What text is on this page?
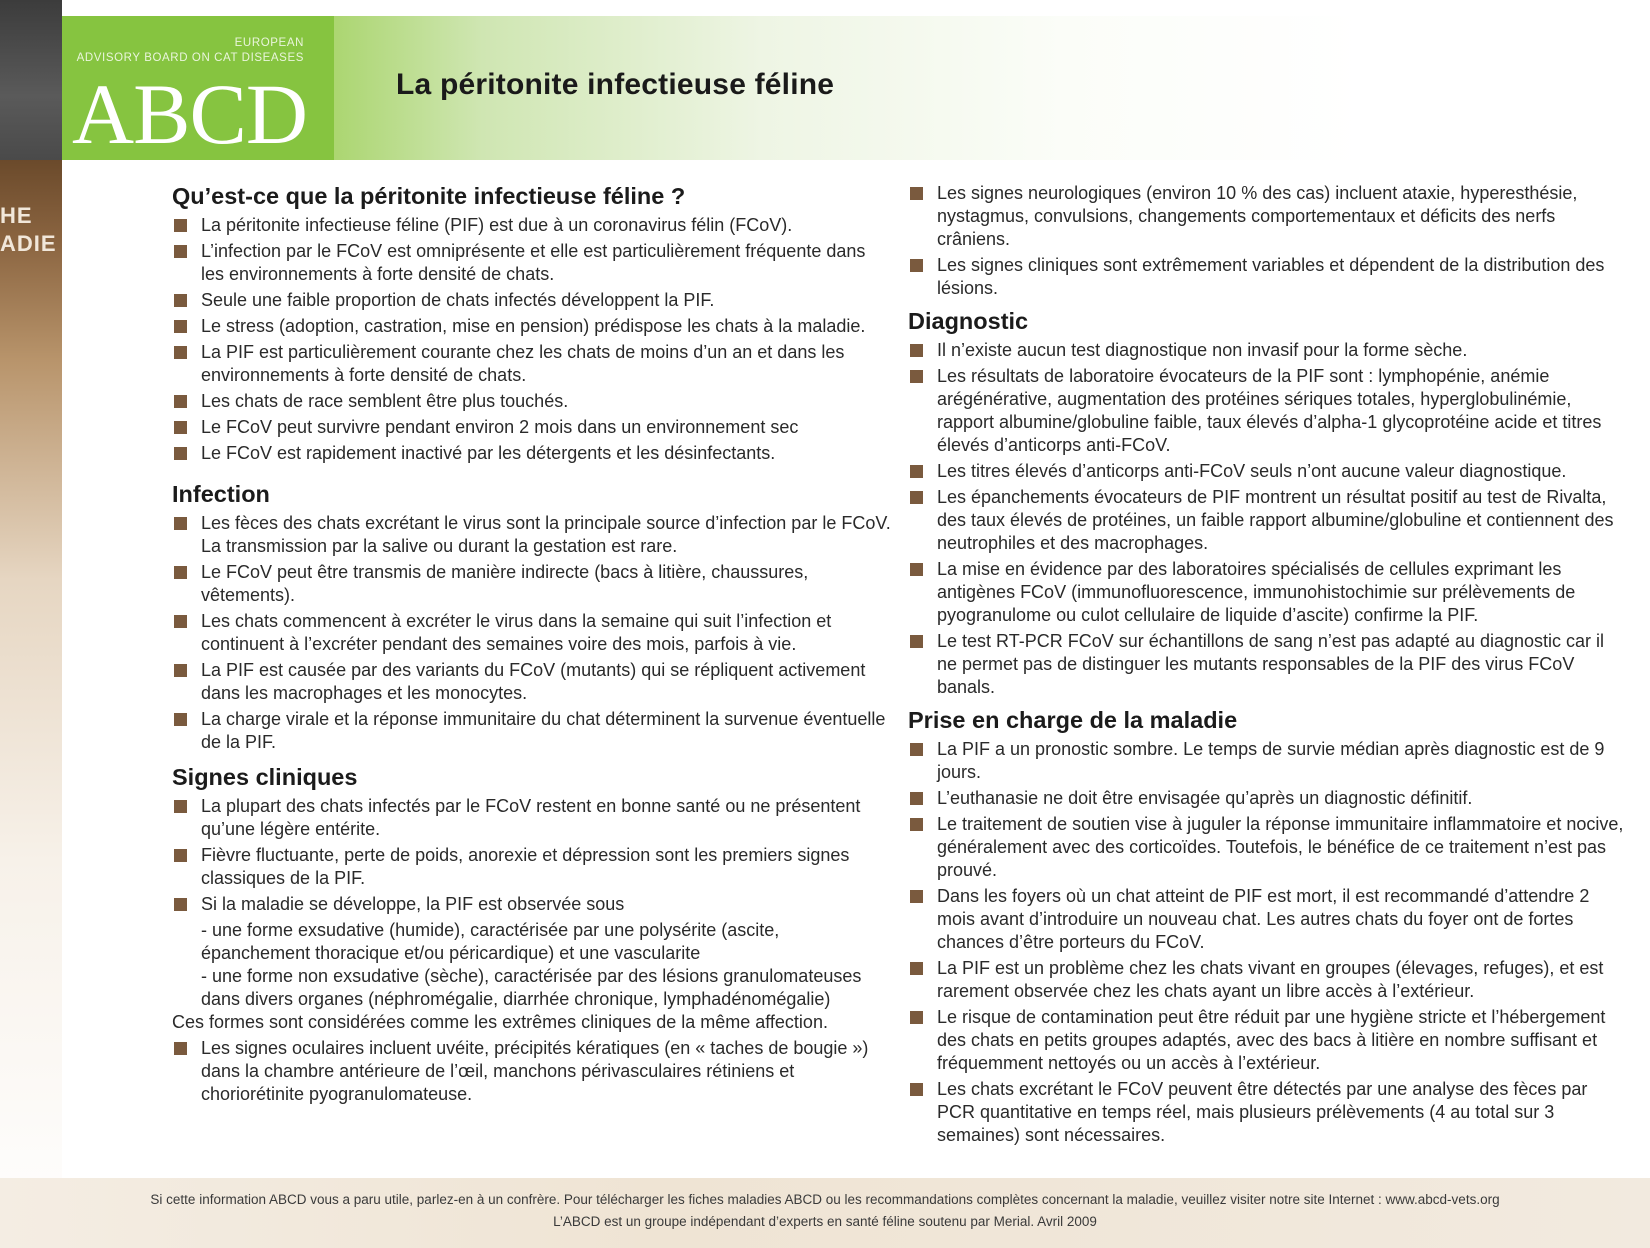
HE
ADIE
EUROPEAN
ADVISORY BOARD ON CAT DISEASES
ABCD	La péritonite infectieuse féline
Qu’est-ce que la péritonite infectieuse féline ?
La péritonite infectieuse féline (PIF) est due à un coronavirus félin (FCoV).
L’infection par le FCoV est omniprésente et elle est particulièrement fréquente dans les environnements à forte densité de chats.
Seule une faible proportion de chats infectés développent la PIF.
Le stress (adoption, castration, mise en pension) prédispose les chats à la maladie.
La PIF est particulièrement courante chez les chats de moins d’un an et dans les environnements à forte densité de chats.
Les chats de race semblent être plus touchés.
Le FCoV peut survivre pendant environ 2 mois dans un environnement sec
Le FCoV est rapidement inactivé par les détergents et les désinfectants.
Infection
Les fèces des chats excrétant le virus sont la principale source d’infection par le FCoV. La transmission par la salive ou durant la gestation est rare.
Le FCoV peut être transmis de manière indirecte (bacs à litière, chaussures, vêtements).
Les chats commencent à excréter le virus dans la semaine qui suit l’infection et continuent à l’excréter pendant des semaines voire des mois, parfois à vie.
La PIF est causée par des variants du FCoV (mutants) qui se répliquent activement dans les macrophages et les monocytes.
La charge virale et la réponse immunitaire du chat déterminent la survenue éventuelle de la PIF.
Signes cliniques
La plupart des chats infectés par le FCoV restent en bonne santé ou ne présentent qu’une légère entérite.
Fièvre fluctuante, perte de poids, anorexie et dépression sont les premiers signes classiques de la PIF.
Si la maladie se développe, la PIF est observée sous
- une forme exsudative (humide), caractérisée par une polysérite (ascite, épanchement thoracique et/ou péricardique) et une vascularite
- une forme non exsudative (sèche), caractérisée par des lésions granulomateuses dans divers organes (néphromégalie, diarrhée chronique, lymphadénomégalie)
Ces formes sont considérées comme les extrêmes cliniques de la même affection.
Les signes oculaires incluent uvéite, précipités kératiques (en « taches de bougie ») dans la chambre antérieure de l’œil, manchons périvasculaires rétiniens et choriorétinite pyogranulomateuse.
Les signes neurologiques (environ 10 % des cas) incluent ataxie, hyperesthésie, nystagmus, convulsions, changements comportementaux et déficits des nerfs crâniens.
Les signes cliniques sont extrêmement variables et dépendent de la distribution des lésions.
Diagnostic
Il n’existe aucun test diagnostique non invasif pour la forme sèche.
Les résultats de laboratoire évocateurs de la PIF sont : lymphopénie, anémie arégénérative, augmentation des protéines sériques totales, hyperglobulinémie, rapport albumine/globuline faible, taux élevés d’alpha-1 glycoprotéine acide et titres élevés d’anticorps anti-FCoV.
Les titres élevés d’anticorps anti-FCoV seuls n’ont aucune valeur diagnostique.
Les épanchements évocateurs de PIF montrent un résultat positif au test de Rivalta, des taux élevés de protéines, un faible rapport albumine/globuline et contiennent des neutrophiles et des macrophages.
La mise en évidence par des laboratoires spécialisés de cellules exprimant les antigènes FCoV (immunofluorescence, immunohistochimie sur prélèvements de pyogranulome ou culot cellulaire de liquide d’ascite) confirme la PIF.
Le test RT-PCR FCoV sur échantillons de sang n’est pas adapté au diagnostic car il ne permet pas de distinguer les mutants responsables de la PIF des virus FCoV banals.
Prise en charge de la maladie
La PIF a un pronostic sombre. Le temps de survie médian après diagnostic est de 9 jours.
L’euthanasie ne doit être envisagée qu’après un diagnostic définitif.
Le traitement de soutien vise à juguler la réponse immunitaire inflammatoire et nocive, généralement avec des corticoïdes. Toutefois, le bénéfice de ce traitement n’est pas prouvé.
Dans les foyers où un chat atteint de PIF est mort, il est recommandé d’attendre 2 mois avant d’introduire un nouveau chat. Les autres chats du foyer ont de fortes chances d’être porteurs du FCoV.
La PIF est un problème chez les chats vivant en groupes (élevages, refuges), et est rarement observée chez les chats ayant un libre accès à l’extérieur.
Le risque de contamination peut être réduit par une hygiène stricte et l’hébergement des chats en petits groupes adaptés, avec des bacs à litière en nombre suffisant et fréquemment nettoyés ou un accès à l’extérieur.
Les chats excrétant le FCoV peuvent être détectés par une analyse des fèces par PCR quantitative en temps réel, mais plusieurs prélèvements (4 au total sur 3 semaines) sont nécessaires.
Si cette information ABCD vous a paru utile, parlez-en à un confrère. Pour télécharger les fiches maladies ABCD ou les recommandations complètes concernant la maladie, veuillez visiter notre site Internet : www.abcd-vets.org
L’ABCD est un groupe indépendant d’experts en santé féline soutenu par Merial. Avril 2009
